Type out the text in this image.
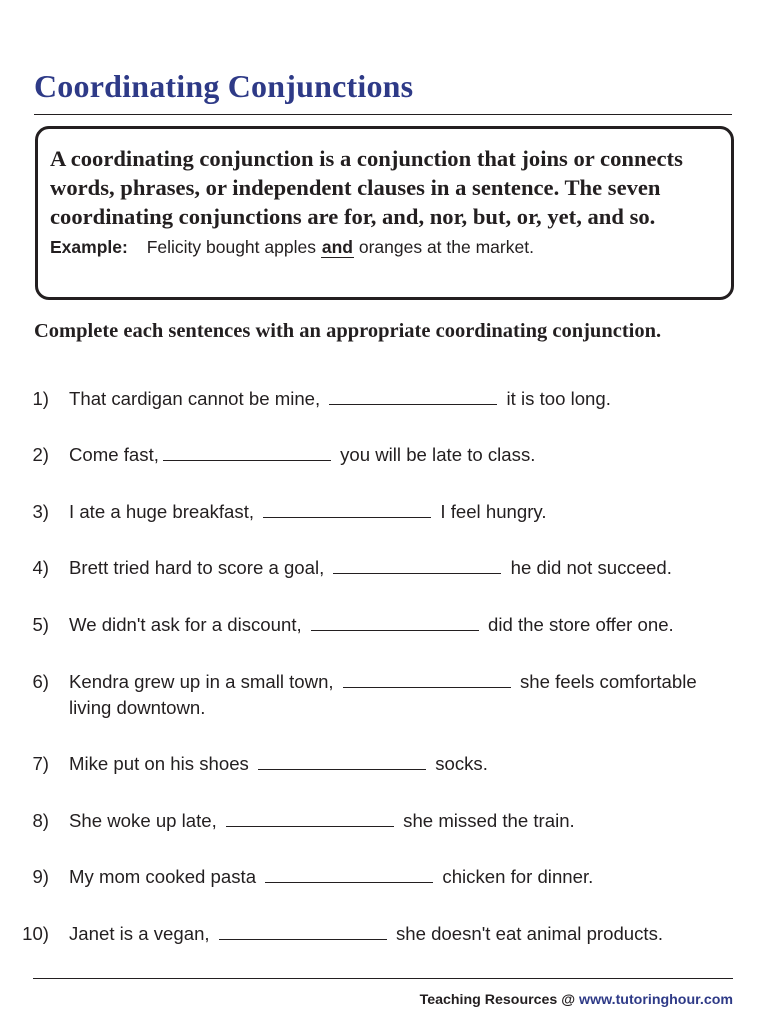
Coordinating Conjunctions

A coordinating conjunction is a conjunction that joins or connects words, phrases, or independent clauses in a sentence. The seven coordinating conjunctions are for, and, nor, but, or, yet, and so.

Example: Felicity bought apples and oranges at the market.

Complete each sentences with an appropriate coordinating conjunction.

1) That cardigan cannot be mine,	it is too long.
2) Come fast,	you will be late to class.
3) I ate a huge breakfast,	I feel hungry.
4) Brett tried hard to score a goal,	he did not succeed.
5) We didn't ask for a discount,	did the store offer one.
6) Kendra grew up in a small town,	she feels comfortable living downtown.
7) Mike put on his shoes	socks.
8) She woke up late,	she missed the train.
9) My mom cooked pasta	chicken for dinner.
10) Janet is a vegan,	she doesn't eat animal products.
Teaching Resources @ www.tutoringhour.com
